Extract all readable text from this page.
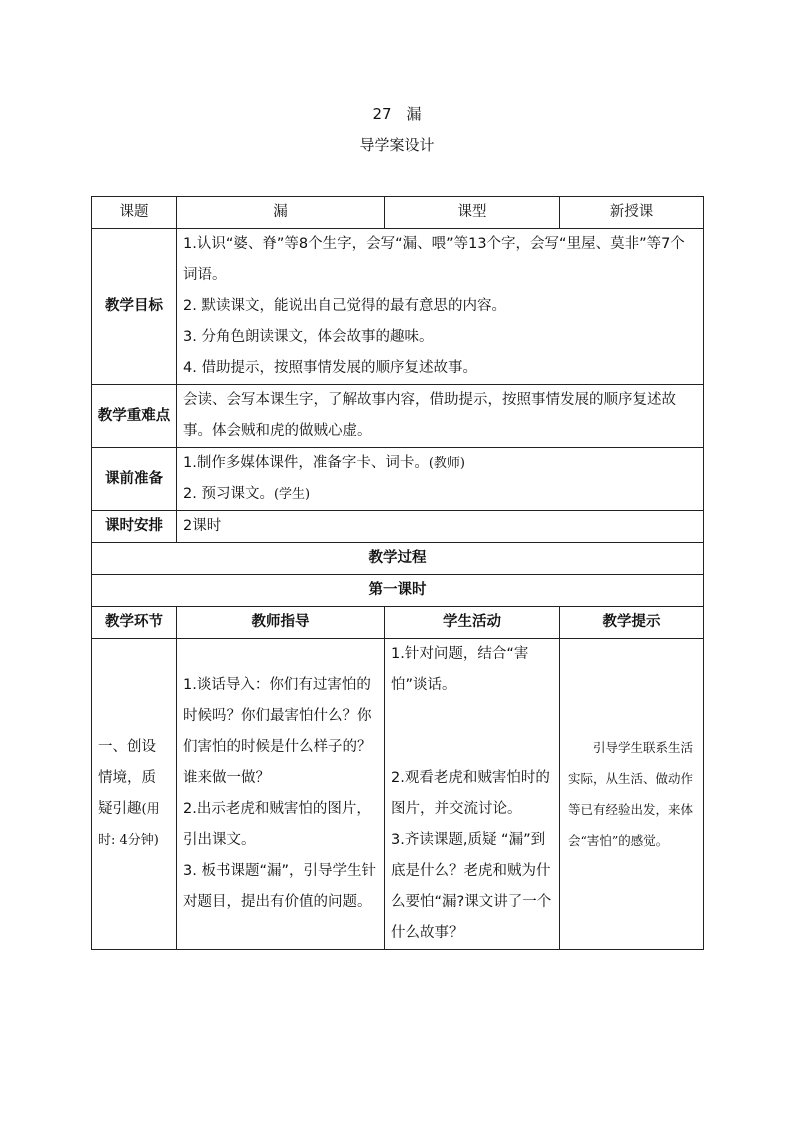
27　漏
导学案设计
课题	漏	课型	新授课
教学目标	1.认识“婆、脊”等8个生字，会写“漏、喂”等13个字，会写“里屋、莫非”等7个词语。
2. 默读课文，能说出自己觉得的最有意思的内容。
3. 分角色朗读课文，体会故事的趣味。
4. 借助提示，按照事情发展的顺序复述故事。		

教学重难点	会读、会写本课生字，了解故事内容，借助提示，按照事情发展的顺序复述故事。体会贼和虎的做贼心虚。		
课前准备	1.制作多媒体课件，准备字卡、词卡。(教师)
2. 预习课文。(学生)		

课时安排	2课时		
教学过程			
第一课时			
教学环节	教师指导	学生活动	教学提示
一、创设情境，质疑引趣(用时: 4分钟)	1.谈话导入：你们有过害怕的时候吗？你们最害怕什么？你们害怕的时候是什么样子的？谁来做一做？
2.出示老虎和贼害怕的图片，引出课文。
3. 板书课题“漏”，引导学生针对题目，提出有价值的问题。	1.针对问题，结合“害怕”谈话。
2.观看老虎和贼害怕时的图片，并交流讨论。
3.齐读课题,质疑 “漏”到底是什么？老虎和贼为什么要怕“漏?课文讲了一个什么故事？	　　引导学生联系生活实际，从生活、做动作等已有经验出发，来体会“害怕”的感觉。
